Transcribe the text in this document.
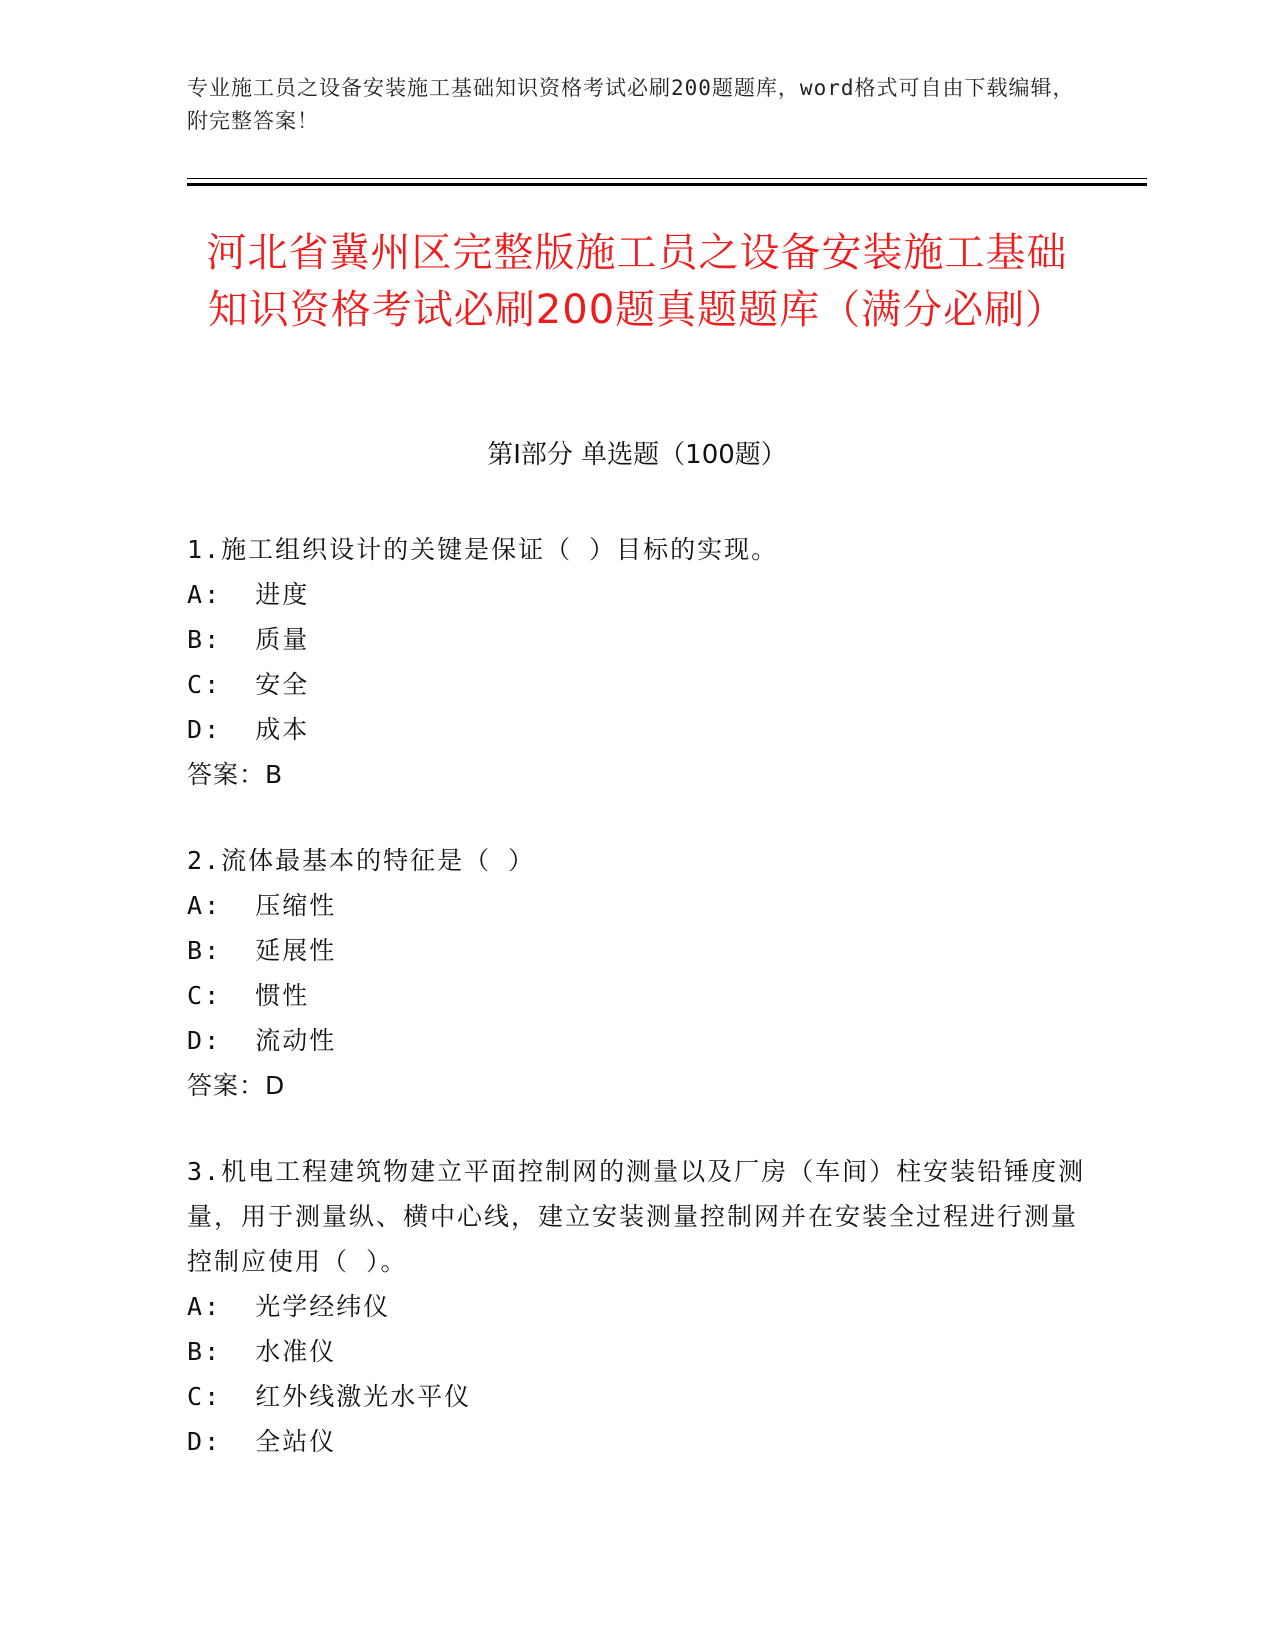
专业施工员之设备安装施工基础知识资格考试必刷200题题库，word格式可自由下载编辑，附完整答案！
河北省冀州区完整版施工员之设备安装施工基础知识资格考试必刷200题真题题库（满分必刷）
第Ⅰ部分 单选题（100题）
1.施工组织设计的关键是保证（ ）目标的实现。
A:  进度
B:  质量
C:  安全
D:  成本
答案：B
2.流体最基本的特征是（ ）
A:  压缩性
B:  延展性
C:  惯性
D:  流动性
答案：D
3.机电工程建筑物建立平面控制网的测量以及厂房（车间）柱安装铅锤度测量，用于测量纵、横中心线，建立安装测量控制网并在安装全过程进行测量控制应使用（ ）。
A:  光学经纬仪
B:  水准仪
C:  红外线激光水平仪
D:  全站仪
